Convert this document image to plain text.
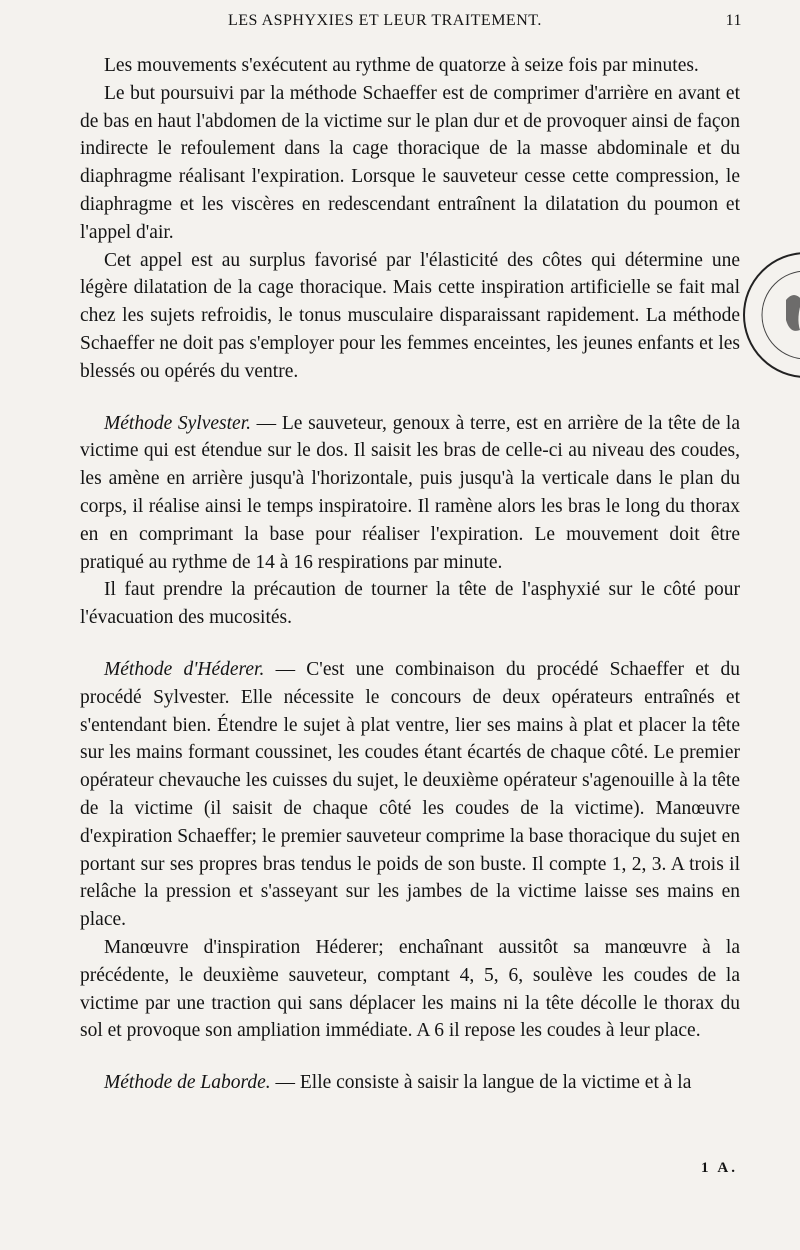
LES ASPHYXIES ET LEUR TRAITEMENT.	11

Les mouvements s'exécutent au rythme de quatorze à seize fois par minutes.

Le but poursuivi par la méthode Schaeffer est de comprimer d'arrière en avant et de bas en haut l'abdomen de la victime sur le plan dur et de provoquer ainsi de façon indirecte le refoulement dans la cage thoracique de la masse abdominale et du diaphragme réalisant l'expiration. Lorsque le sauveteur cesse cette compression, le diaphragme et les viscères en redescendant entraînent la dilatation du poumon et l'appel d'air.

Cet appel est au surplus favorisé par l'élasticité des côtes qui détermine une légère dilatation de la cage thoracique. Mais cette inspiration artificielle se fait mal chez les sujets refroidis, le tonus musculaire disparaissant rapidement. La méthode Schaeffer ne doit pas s'employer pour les femmes enceintes, les jeunes enfants et les blessés ou opérés du ventre.

Méthode Sylvester. — Le sauveteur, genoux à terre, est en arrière de la tête de la victime qui est étendue sur le dos. Il saisit les bras de celle-ci au niveau des coudes, les amène en arrière jusqu'à l'horizontale, puis jusqu'à la verticale dans le plan du corps, il réalise ainsi le temps inspiratoire. Il ramène alors les bras le long du thorax en en comprimant la base pour réaliser l'expiration. Le mouvement doit être pratiqué au rythme de 14 à 16 respirations par minute.

Il faut prendre la précaution de tourner la tête de l'asphyxié sur le côté pour l'évacuation des mucosités.

Méthode d'Héderer. — C'est une combinaison du procédé Schaeffer et du procédé Sylvester. Elle nécessite le concours de deux opérateurs entraînés et s'entendant bien. Étendre le sujet à plat ventre, lier ses mains à plat et placer la tête sur les mains formant coussinet, les coudes étant écartés de chaque côté. Le premier opérateur chevauche les cuisses du sujet, le deuxième opérateur s'agenouille à la tête de la victime (il saisit de chaque côté les coudes de la victime). Manœuvre d'expiration Schaeffer; le premier sauveteur comprime la base thoracique du sujet en portant sur ses propres bras tendus le poids de son buste. Il compte 1, 2, 3. A trois il relâche la pression et s'asseyant sur les jambes de la victime laisse ses mains en place.

Manœuvre d'inspiration Héderer; enchaînant aussitôt sa manœuvre à la précédente, le deuxième sauveteur, comptant 4, 5, 6, soulève les coudes de la victime par une traction qui sans déplacer les mains ni la tête décolle le thorax du sol et provoque son ampliation immédiate. A 6 il repose les coudes à leur place.

Méthode de Laborde. — Elle consiste à saisir la langue de la victime et à la

1 A.
